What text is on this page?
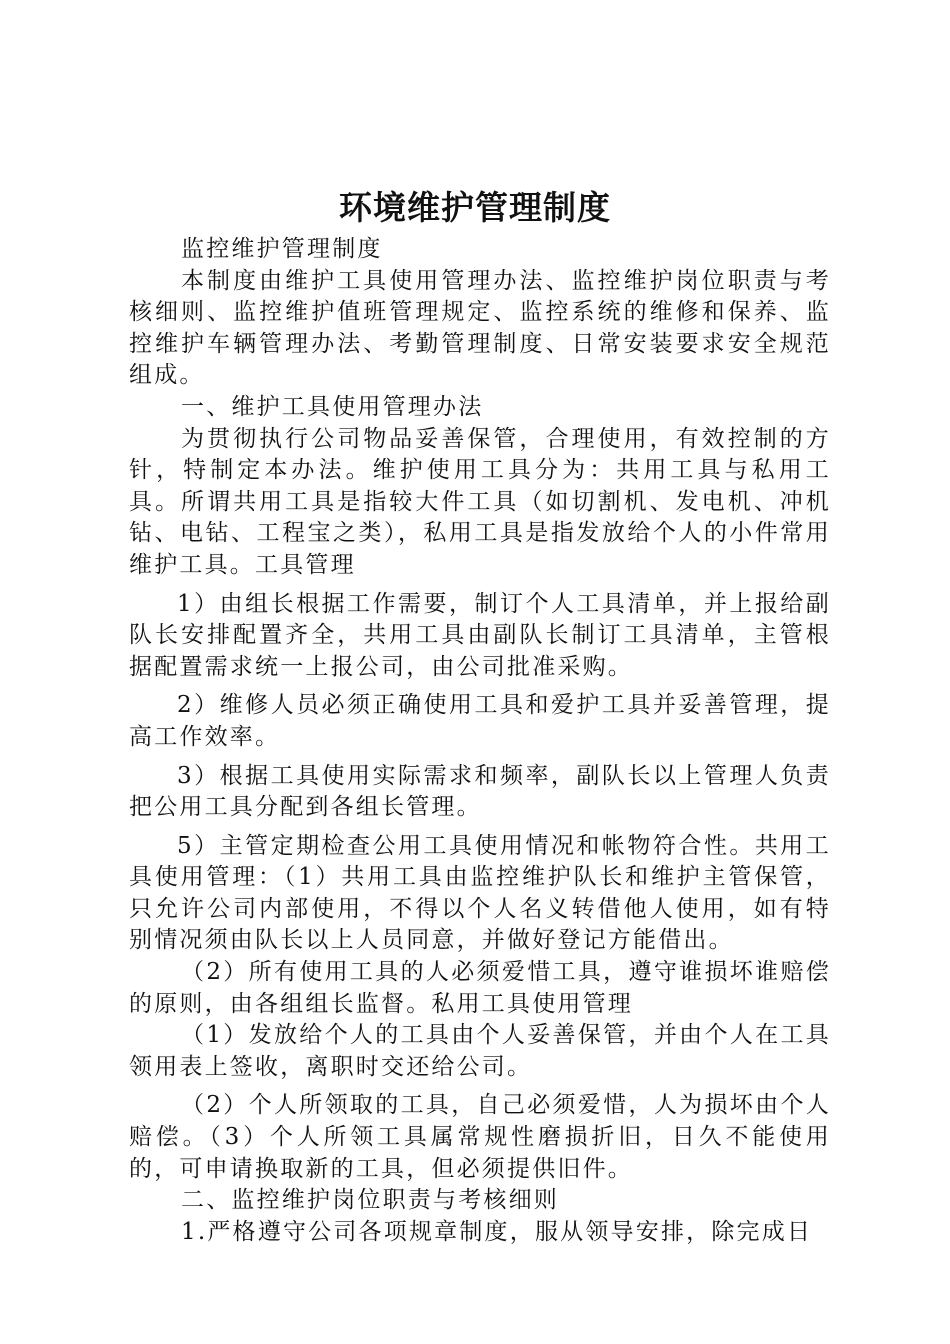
环境维护管理制度

监控维护管理制度

本制度由维护工具使用管理办法、监控维护岗位职责与考核细则、监控维护值班管理规定、监控系统的维修和保养、监控维护车辆管理办法、考勤管理制度、日常安装要求安全规范组成。

一、维护工具使用管理办法

为贯彻执行公司物品妥善保管，合理使用，有效控制的方针，特制定本办法。维护使用工具分为：共用工具与私用工具。所谓共用工具是指较大件工具（如切割机、发电机、冲机钻、电钻、工程宝之类），私用工具是指发放给个人的小件常用维护工具。工具管理

1）由组长根据工作需要，制订个人工具清单，并上报给副队长安排配置齐全，共用工具由副队长制订工具清单，主管根据配置需求统一上报公司，由公司批准采购。

2）维修人员必须正确使用工具和爱护工具并妥善管理，提高工作效率。

3）根据工具使用实际需求和频率，副队长以上管理人负责把公用工具分配到各组长管理。

5）主管定期检查公用工具使用情况和帐物符合性。共用工具使用管理：（1）共用工具由监控维护队长和维护主管保管，只允许公司内部使用，不得以个人名义转借他人使用，如有特别情况须由队长以上人员同意，并做好登记方能借出。

（2）所有使用工具的人必须爱惜工具，遵守谁损坏谁赔偿的原则，由各组组长监督。私用工具使用管理

（1）发放给个人的工具由个人妥善保管，并由个人在工具领用表上签收，离职时交还给公司。

（2）个人所领取的工具，自己必须爱惜，人为损坏由个人赔偿。（3）个人所领工具属常规性磨损折旧，日久不能使用的，可申请换取新的工具，但必须提供旧件。

二、监控维护岗位职责与考核细则

1.严格遵守公司各项规章制度，服从领导安排，除完成日
